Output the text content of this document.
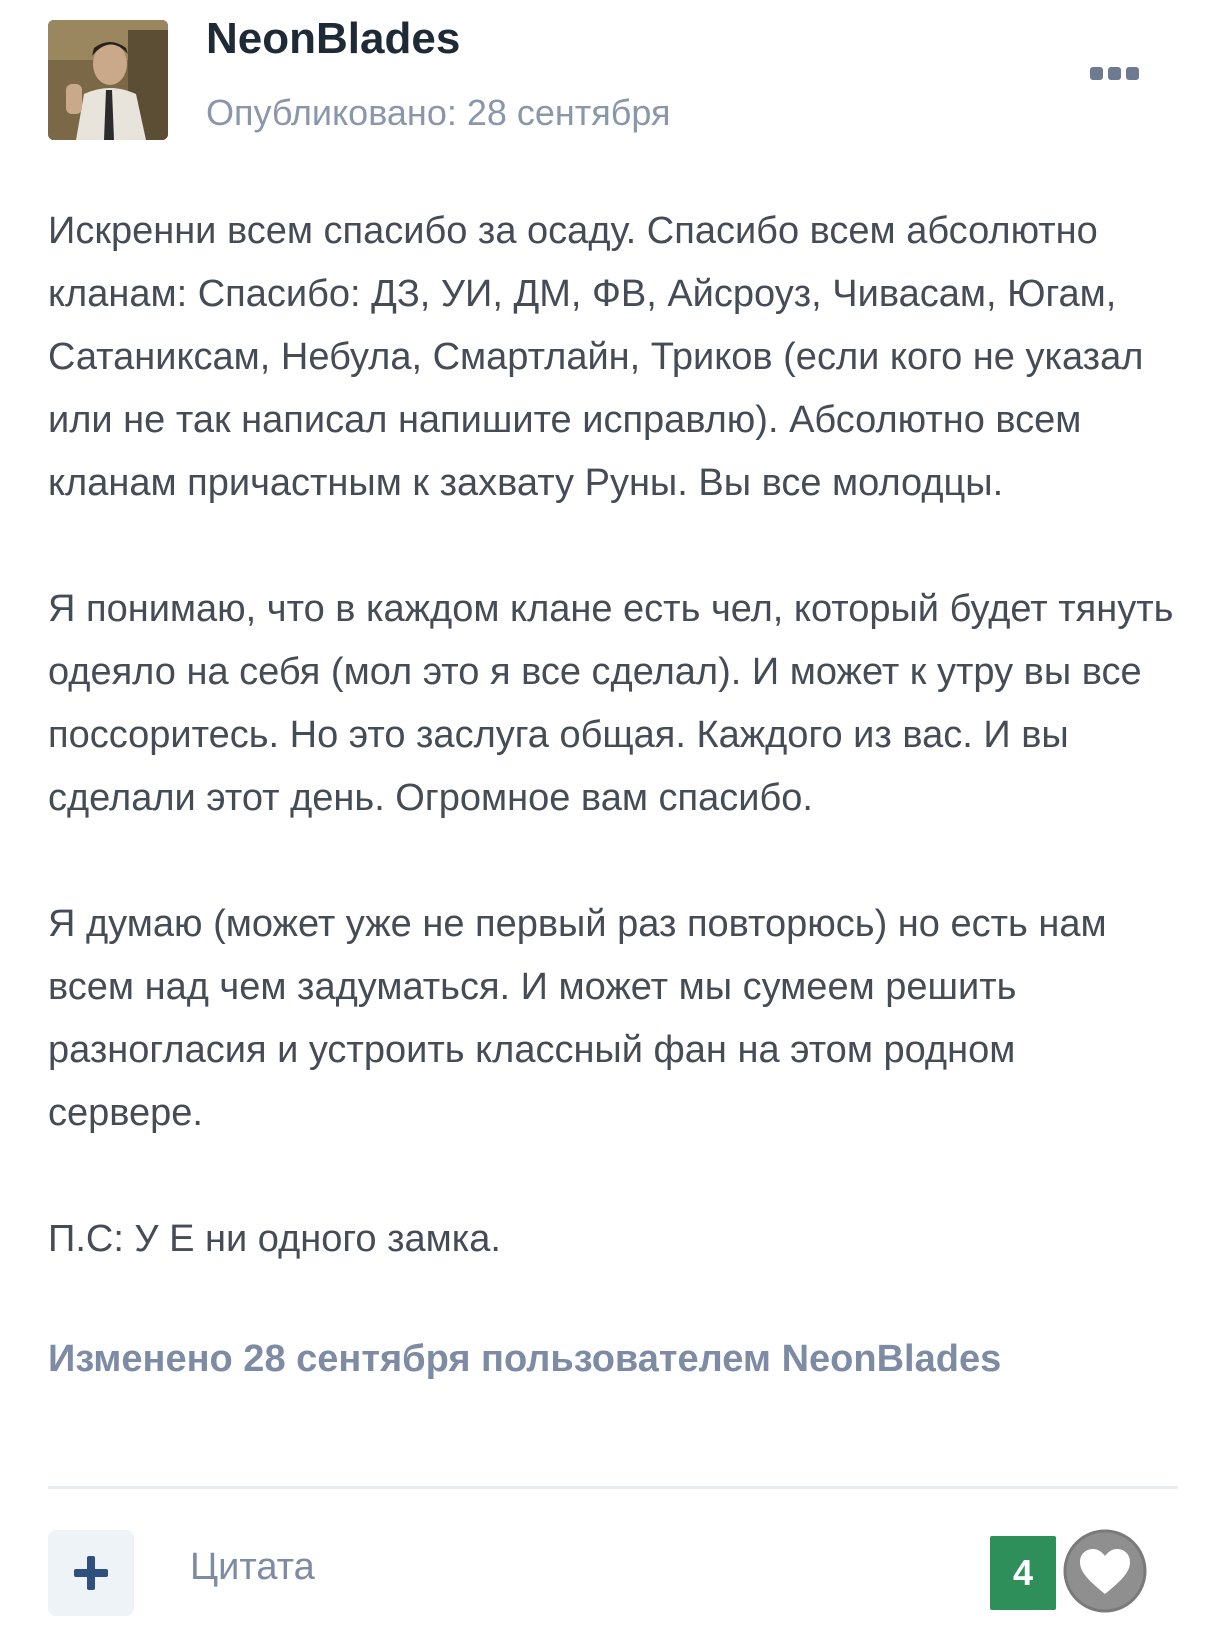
NeonBlades
Опубликовано: 28 сентября

Искренни всем спасибо за осаду. Спасибо всем абсолютно кланам: Спасибо: ДЗ, УИ, ДМ, ФВ, Айсроуз, Чивасам, Югам, Сатаниксам, Небула, Смартлайн, Триков (если кого не указал или не так написал напишите исправлю). Абсолютно всем кланам причастным к захвату Руны. Вы все молодцы.

Я понимаю, что в каждом клане есть чел, который будет тянуть одеяло на себя (мол это я все сделал). И может к утру вы все поссоритесь. Но это заслуга общая. Каждого из вас. И вы сделали этот день. Огромное вам спасибо.

Я думаю (может уже не первый раз повторюсь) но есть нам всем над чем задуматься. И может мы сумеем решить разногласия и устроить классный фан на этом родном сервере.

П.С: У Е ни одного замка.

Изменено 28 сентября пользователем NeonBlades
Цитата	4
